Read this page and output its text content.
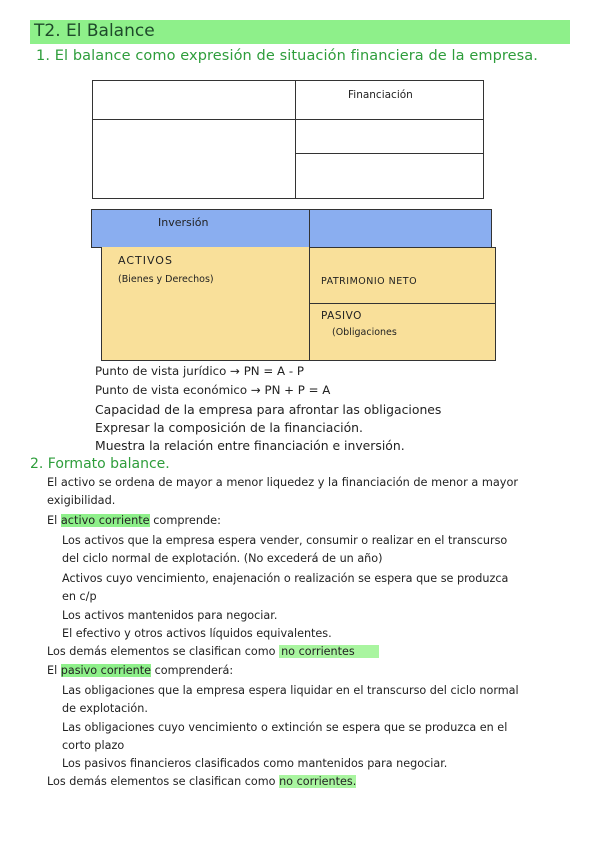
T2. El Balance
1. El balance como expresión de situación financiera de la empresa.
Financiación
Inversión
ACTIVOS
(Bienes y Derechos)	PATRIMONIO NETO
PASIVO
(Obligaciones
Punto de vista jurídico → PN = A - P
Punto de vista económico → PN + P = A
Capacidad de la empresa para afrontar las obligaciones
Expresar la composición de la financiación.
Muestra la relación entre financiación e inversión.
2. Formato balance.
El activo se ordena de mayor a menor liquedez y la financiación de menor a mayor
exigibilidad.
El activo corriente comprende:
Los activos que la empresa espera vender, consumir o realizar en el transcurso
del ciclo normal de explotación. (No excederá de un año)
Activos cuyo vencimiento, enajenación o realización se espera que se produzca
en c/p
Los activos mantenidos para negociar.
El efectivo y otros activos líquidos equivalentes.
Los demás elementos se clasifican como no corrientes
El pasivo corriente comprenderá:
Las obligaciones que la empresa espera liquidar en el transcurso del ciclo normal
de explotación.
Las obligaciones cuyo vencimiento o extinción se espera que se produzca en el
corto plazo
Los pasivos financieros clasificados como mantenidos para negociar.
Los demás elementos se clasifican como no corrientes.
